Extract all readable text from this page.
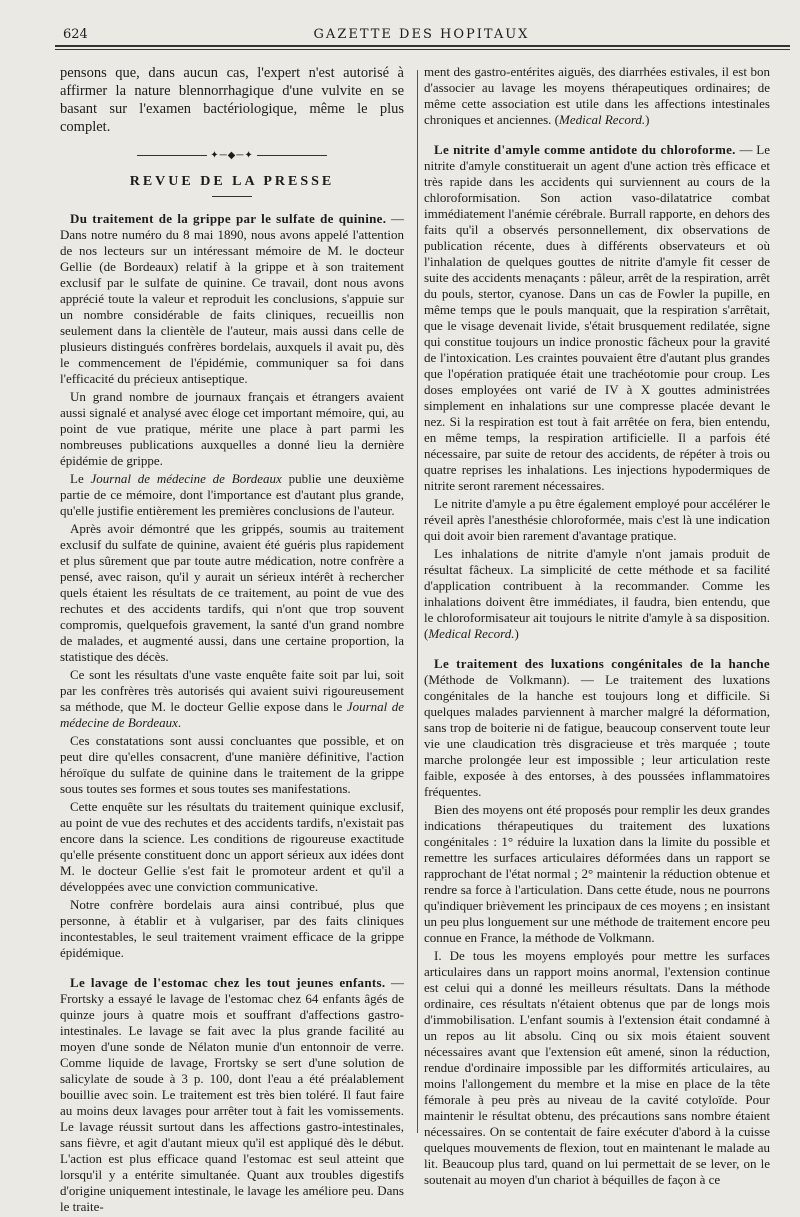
624	GAZETTE DES HOPITAUX

pensons que, dans aucun cas, l'expert n'est autorisé à affirmer la nature blennorrhagique d'une vulvite en se basant sur l'examen bactériologique, même le plus complet.

✦─◆─✦
REVUE DE LA PRESSE

Du traitement de la grippe par le sulfate de quinine. — Dans notre numéro du 8 mai 1890, nous avons appelé l'attention de nos lecteurs sur un intéressant mémoire de M. le docteur Gellie (de Bordeaux) relatif à la grippe et à son traitement exclusif par le sulfate de quinine. Ce travail, dont nous avons apprécié toute la valeur et reproduit les conclusions, s'appuie sur un nombre considérable de faits cliniques, recueillis non seulement dans la clientèle de l'auteur, mais aussi dans celle de plusieurs distingués confrères bordelais, auxquels il avait pu, dès le commencement de l'épidémie, communiquer sa foi dans l'efficacité du précieux antiseptique.

Un grand nombre de journaux français et étrangers avaient aussi signalé et analysé avec éloge cet important mémoire, qui, au point de vue pratique, mérite une place à part parmi les nombreuses publications auxquelles a donné lieu la dernière épidémie de grippe.

Le Journal de médecine de Bordeaux publie une deuxième partie de ce mémoire, dont l'importance est d'autant plus grande, qu'elle justifie entièrement les premières conclusions de l'auteur.

Après avoir démontré que les grippés, soumis au traitement exclusif du sulfate de quinine, avaient été guéris plus rapidement et plus sûrement que par toute autre médication, notre confrère a pensé, avec raison, qu'il y aurait un sérieux intérêt à rechercher quels étaient les résultats de ce traitement, au point de vue des rechutes et des accidents tardifs, qui n'ont que trop souvent compromis, quelquefois gravement, la santé d'un grand nombre de malades, et augmenté aussi, dans une certaine proportion, la statistique des décès.

Ce sont les résultats d'une vaste enquête faite soit par lui, soit par les confrères très autorisés qui avaient suivi rigoureusement sa méthode, que M. le docteur Gellie expose dans le Journal de médecine de Bordeaux.

Ces constatations sont aussi concluantes que possible, et on peut dire qu'elles consacrent, d'une manière définitive, l'action héroïque du sulfate de quinine dans le traitement de la grippe sous toutes ses formes et sous toutes ses manifestations.

Cette enquête sur les résultats du traitement quinique exclusif, au point de vue des rechutes et des accidents tardifs, n'existait pas encore dans la science. Les conditions de rigoureuse exactitude qu'elle présente constituent donc un apport sérieux aux idées dont M. le docteur Gellie s'est fait le promoteur ardent et qu'il a développées avec une conviction communicative.

Notre confrère bordelais aura ainsi contribué, plus que personne, à établir et à vulgariser, par des faits cliniques incontestables, le seul traitement vraiment efficace de la grippe épidémique.

Le lavage de l'estomac chez les tout jeunes enfants. — Frortsky a essayé le lavage de l'estomac chez 64 enfants âgés de quinze jours à quatre mois et souffrant d'affections gastro-intestinales. Le lavage se fait avec la plus grande facilité au moyen d'une sonde de Nélaton munie d'un entonnoir de verre. Comme liquide de lavage, Frortsky se sert d'une solution de salicylate de soude à 3 p. 100, dont l'eau a été préalablement bouillie avec soin. Le traitement est très bien toléré. Il faut faire au moins deux lavages pour arrêter tout à fait les vomissements. Le lavage réussit surtout dans les affections gastro-intestinales, sans fièvre, et agit d'autant mieux qu'il est appliqué dès le début. L'action est plus efficace quand l'estomac est seul atteint que lorsqu'il y a entérite simultanée. Quant aux troubles digestifs d'origine uniquement intestinale, le lavage les améliore peu. Dans le traite-

ment des gastro-entérites aiguës, des diarrhées estivales, il est bon d'associer au lavage les moyens thérapeutiques ordinaires; de même cette association est utile dans les affections intestinales chroniques et anciennes. (Medical Record.)

Le nitrite d'amyle comme antidote du chloroforme. — Le nitrite d'amyle constituerait un agent d'une action très efficace et très rapide dans les accidents qui surviennent au cours de la chloroformisation. Son action vaso-dilatatrice combat immédiatement l'anémie cérébrale. Burrall rapporte, en dehors des faits qu'il a observés personnellement, dix observations de publication récente, dues à différents observateurs et où l'inhalation de quelques gouttes de nitrite d'amyle fit cesser de suite des accidents menaçants : pâleur, arrêt de la respiration, arrêt du pouls, stertor, cyanose. Dans un cas de Fowler la pupille, en même temps que le pouls manquait, que la respiration s'arrêtait, que le visage devenait livide, s'était brusquement redilatée, signe qui constitue toujours un indice pronostic fâcheux pour la gravité de l'intoxication. Les craintes pouvaient être d'autant plus grandes que l'opération pratiquée était une trachéotomie pour croup. Les doses employées ont varié de IV à X gouttes administrées simplement en inhalations sur une compresse placée devant le nez. Si la respiration est tout à fait arrêtée on fera, bien entendu, en même temps, la respiration artificielle. Il a parfois été nécessaire, par suite de retour des accidents, de répéter à trois ou quatre reprises les inhalations. Les injections hypodermiques de nitrite seront rarement nécessaires.

Le nitrite d'amyle a pu être également employé pour accélérer le réveil après l'anesthésie chloroformée, mais c'est là une indication qui doit avoir bien rarement d'avantage pratique.

Les inhalations de nitrite d'amyle n'ont jamais produit de résultat fâcheux. La simplicité de cette méthode et sa facilité d'application contribuent à la recommander. Comme les inhalations doivent être immédiates, il faudra, bien entendu, que le chloroformisateur ait toujours le nitrite d'amyle à sa disposition. (Medical Record.)

Le traitement des luxations congénitales de la hanche (Méthode de Volkmann). — Le traitement des luxations congénitales de la hanche est toujours long et difficile. Si quelques malades parviennent à marcher malgré la déformation, sans trop de boiterie ni de fatigue, beaucoup conservent toute leur vie une claudication très disgracieuse et très marquée ; toute marche prolongée leur est impossible ; leur articulation reste faible, exposée à des entorses, à des poussées inflammatoires fréquentes.

Bien des moyens ont été proposés pour remplir les deux grandes indications thérapeutiques du traitement des luxations congénitales : 1° réduire la luxation dans la limite du possible et remettre les surfaces articulaires déformées dans un rapport se rapprochant de l'état normal ; 2° maintenir la réduction obtenue et rendre sa force à l'articulation. Dans cette étude, nous ne pourrons qu'indiquer brièvement les principaux de ces moyens ; en insistant un peu plus longuement sur une méthode de traitement encore peu connue en France, la méthode de Volkmann.

I. De tous les moyens employés pour mettre les surfaces articulaires dans un rapport moins anormal, l'extension continue est celui qui a donné les meilleurs résultats. Dans la méthode ordinaire, ces résultats n'étaient obtenus que par de longs mois d'immobilisation. L'enfant soumis à l'extension était condamné à un repos au lit absolu. Cinq ou six mois étaient souvent nécessaires avant que l'extension eût amené, sinon la réduction, rendue d'ordinaire impossible par les difformités articulaires, au moins l'allongement du membre et la mise en place de la tête fémorale à peu près au niveau de la cavité cotyloïde. Pour maintenir le résultat obtenu, des précautions sans nombre étaient nécessaires. On se contentait de faire exécuter d'abord à la cuisse quelques mouvements de flexion, tout en maintenant le malade au lit. Beaucoup plus tard, quand on lui permettait de se lever, on le soutenait au moyen d'un chariot à béquilles de façon à ce
